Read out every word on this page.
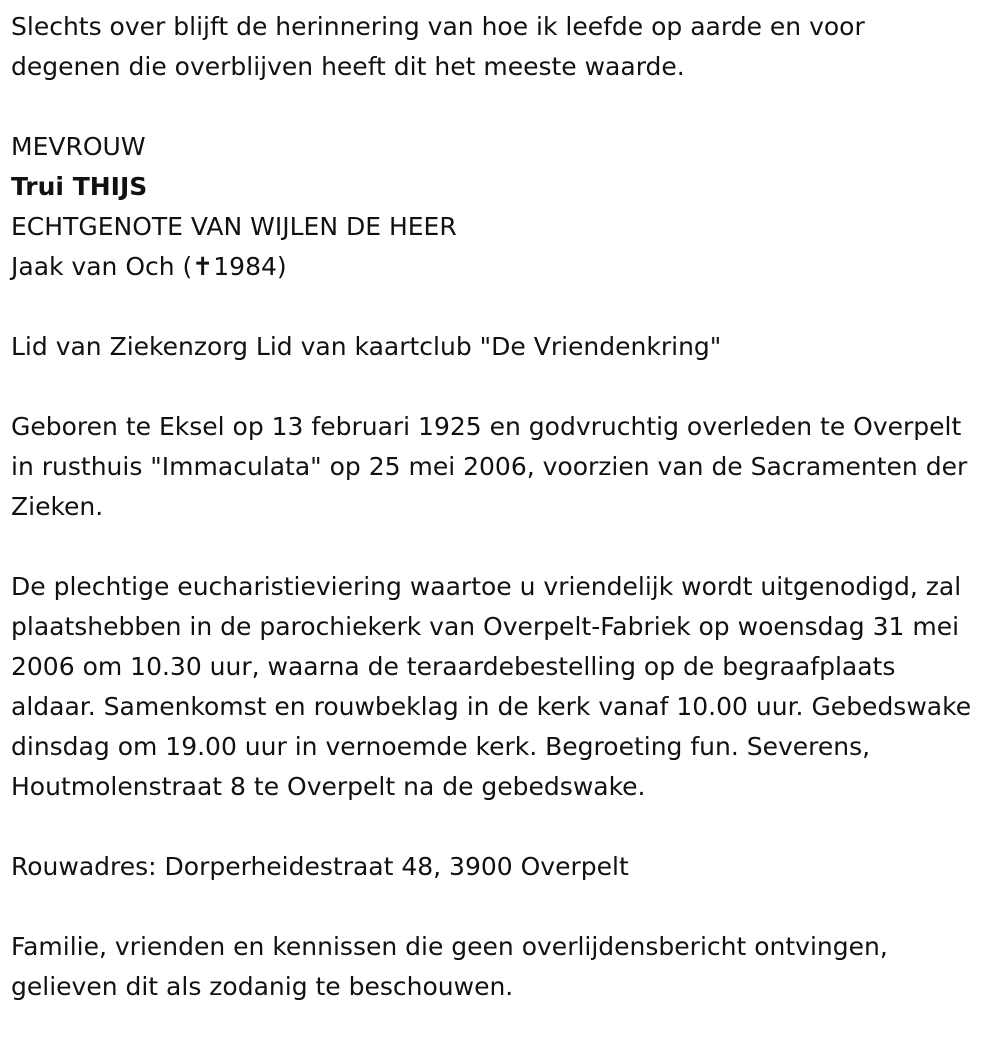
Slechts over blijft de herinnering van hoe ik leefde op aarde en voor degenen die overblijven heeft dit het meeste waarde.

MEVROUW

Trui THIJS

ECHTGENOTE VAN WIJLEN DE HEER

Jaak van Och (✝1984)

Lid van Ziekenzorg Lid van kaartclub "De Vriendenkring"

Geboren te Eksel op 13 februari 1925 en godvruchtig overleden te Overpelt in rusthuis "Immaculata" op 25 mei 2006, voorzien van de Sacramenten der Zieken.

De plechtige eucharistieviering waartoe u vriendelijk wordt uitgenodigd, zal plaatshebben in de parochiekerk van Overpelt-Fabriek op woensdag 31 mei 2006 om 10.30 uur, waarna de teraardebestelling op de begraafplaats aldaar. Samenkomst en rouwbeklag in de kerk vanaf 10.00 uur. Gebedswake dinsdag om 19.00 uur in vernoemde kerk. Begroeting fun. Severens, Houtmolenstraat 8 te Overpelt na de gebedswake.

Rouwadres: Dorperheidestraat 48, 3900 Overpelt

Familie, vrienden en kennissen die geen overlijdensbericht ontvingen, gelieven dit als zodanig te beschouwen.
